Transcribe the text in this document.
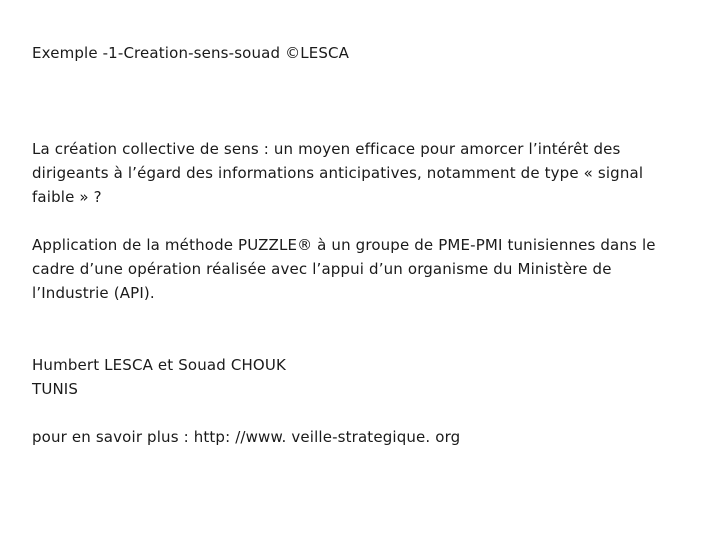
Exemple -1-Creation-sens-souad ©LESCA

La création collective de sens : un moyen efficace pour amorcer l’intérêt des
dirigeants à l’égard des informations anticipatives, notamment de type « signal
faible » ?

Application de la méthode PUZZLE® à un groupe de PME-PMI tunisiennes dans le
cadre d’une opération réalisée avec l’appui d’un organisme du Ministère de
l’Industrie (API).

Humbert LESCA et Souad CHOUK

TUNIS

pour en savoir plus : http: //www. veille-strategique. org
